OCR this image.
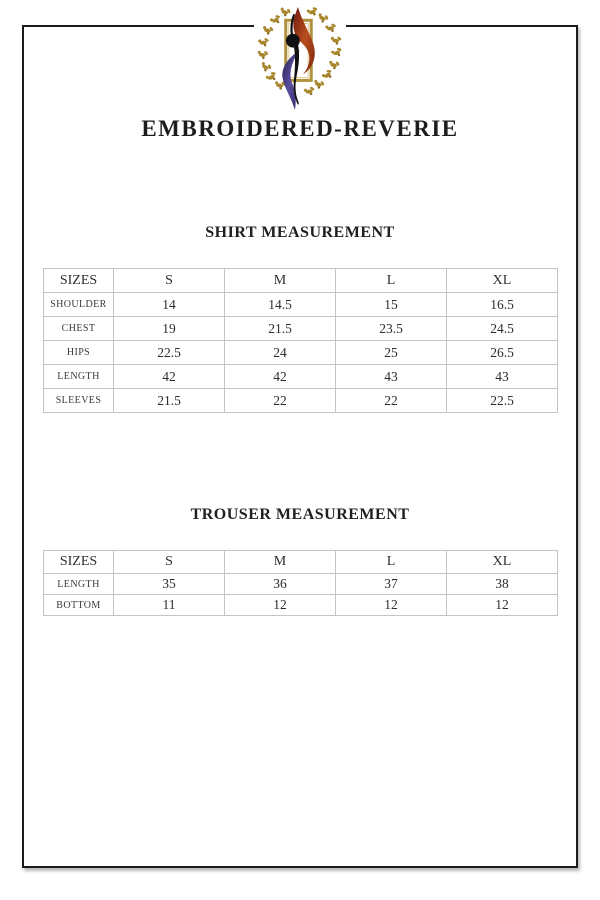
EMBROIDERED-REVERIE
SHIRT MEASUREMENT
SIZES	S	M	L	XL
SHOULDER	14	14.5	15	16.5
CHEST	19	21.5	23.5	24.5
HIPS	22.5	24	25	26.5
LENGTH	42	42	43	43
SLEEVES	21.5	22	22	22.5
TROUSER MEASUREMENT
SIZES	S	M	L	XL
LENGTH	35	36	37	38
BOTTOM	11	12	12	12
